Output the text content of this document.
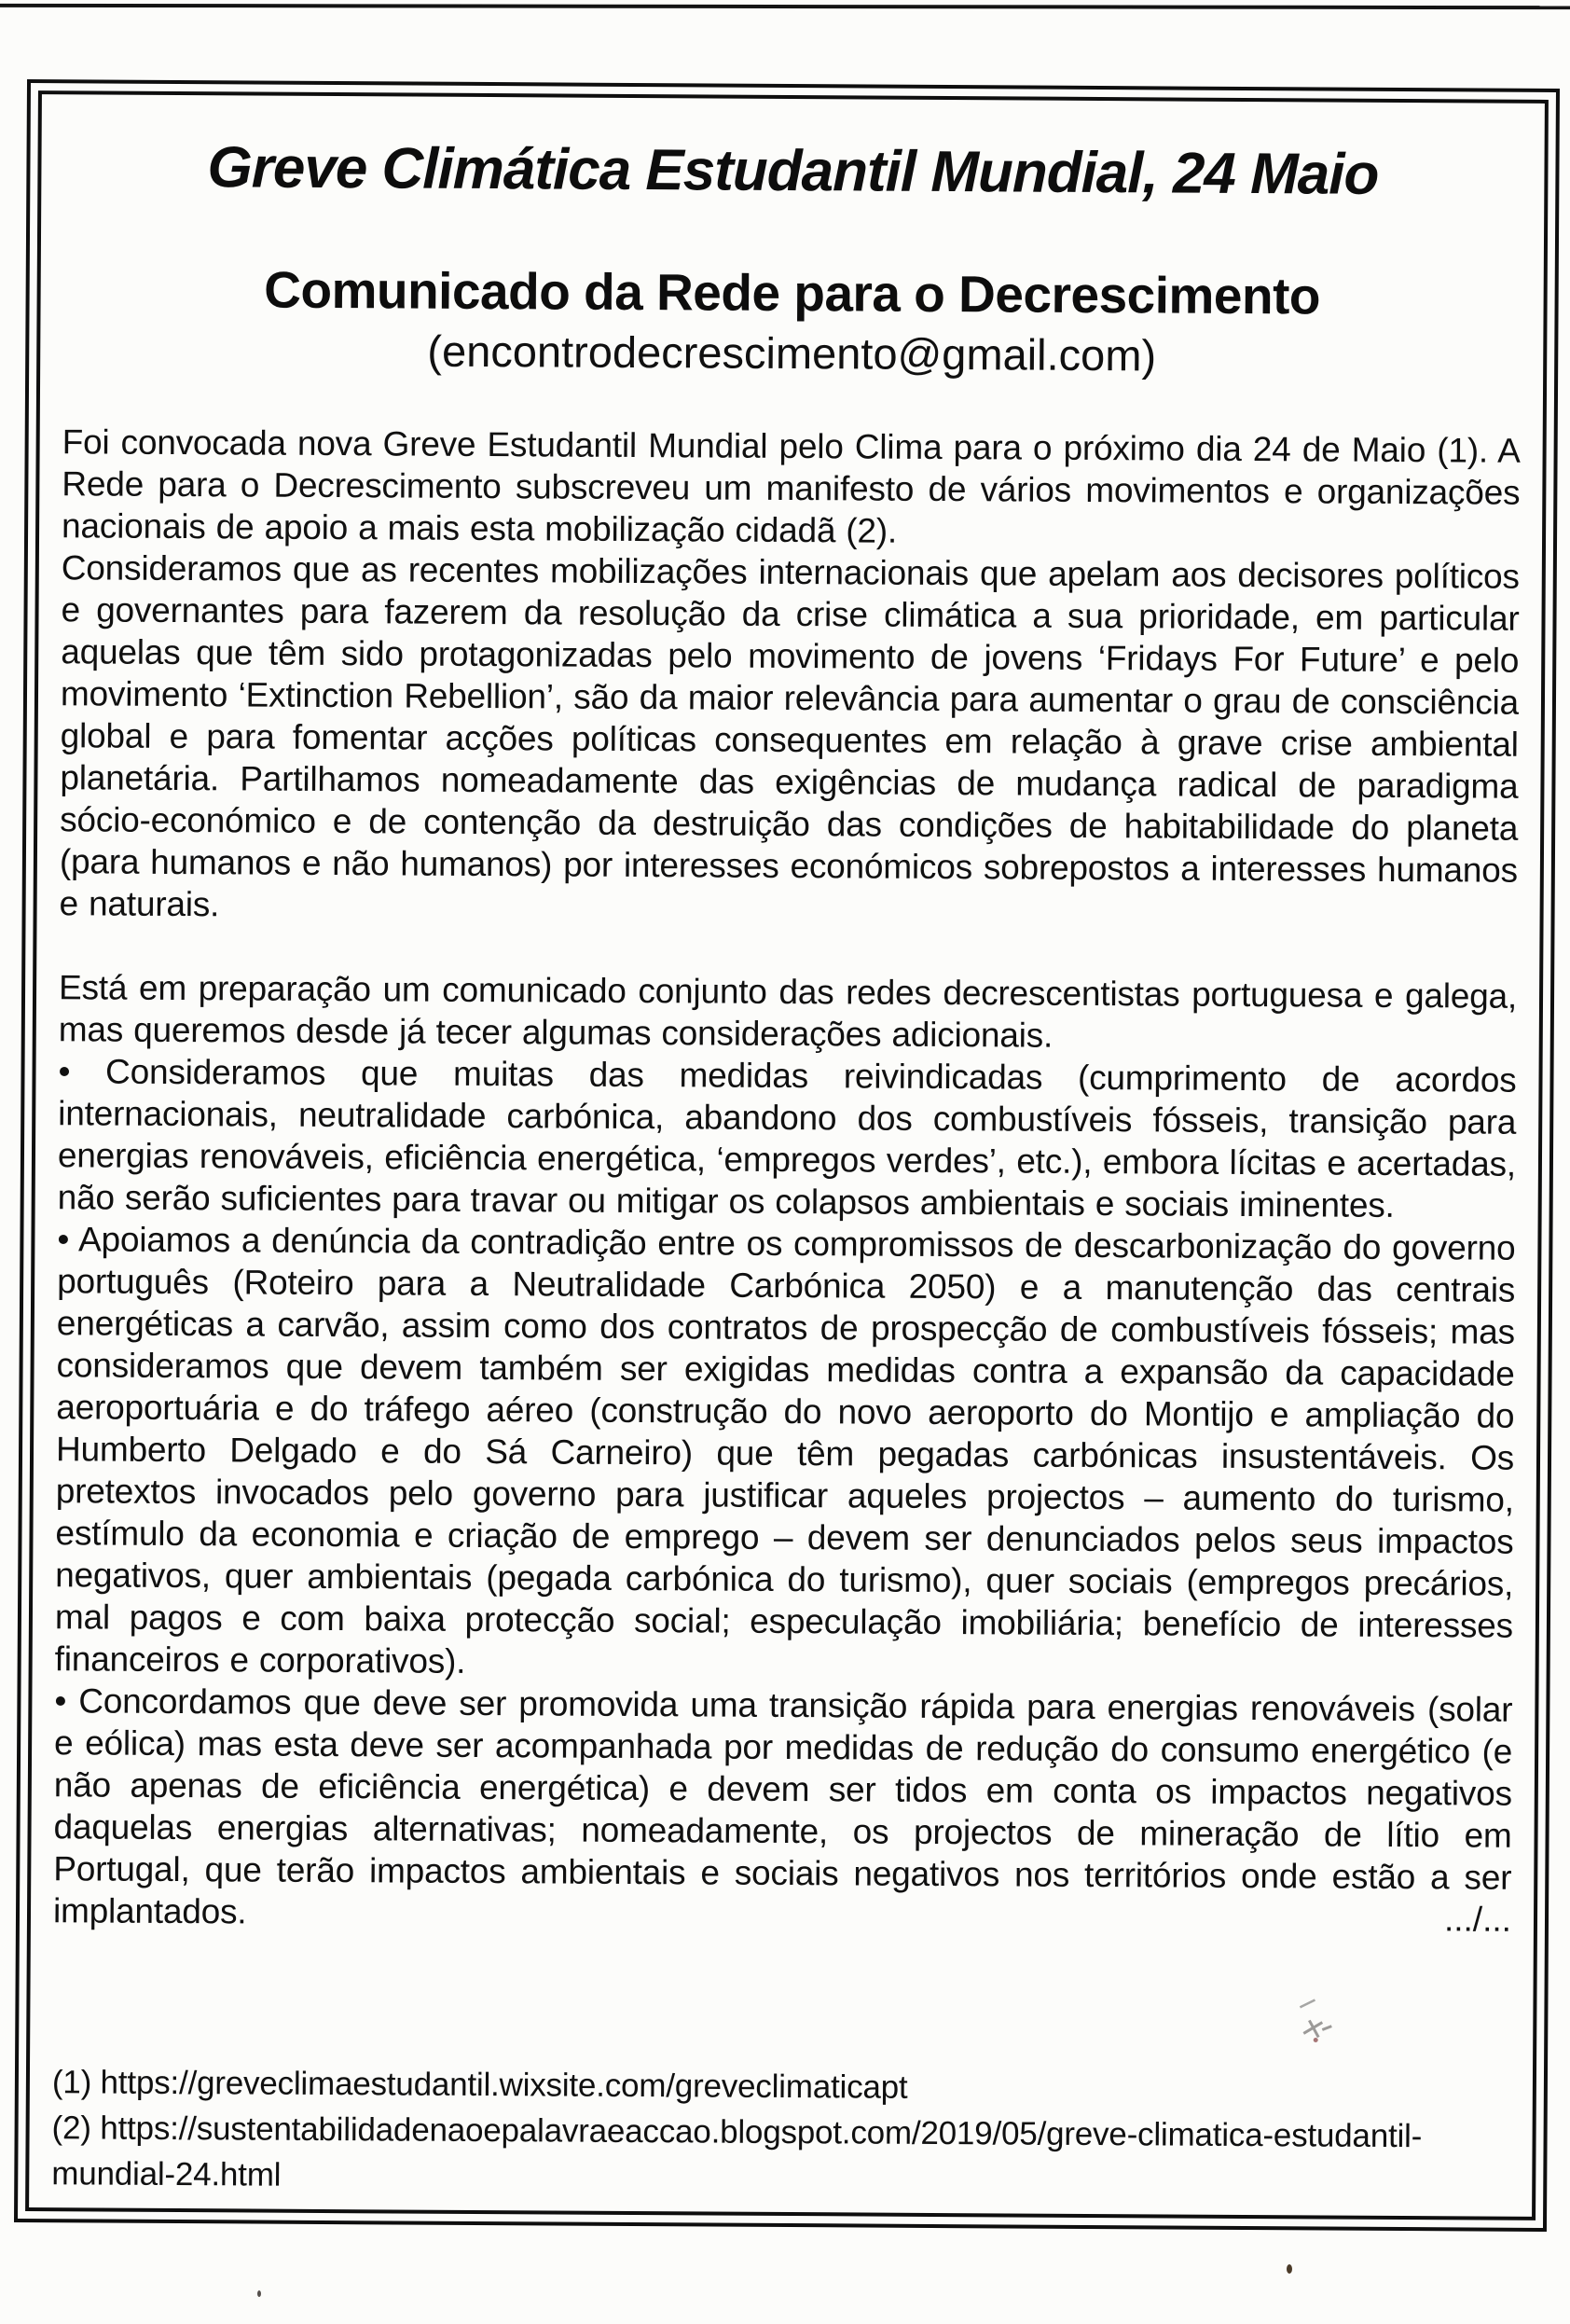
Greve Climática Estudantil Mundial, 24 Maio
Comunicado da Rede para o Decrescimento

(encontrodecrescimento@gmail.com)

Foi convocada nova Greve Estudantil Mundial pelo Clima para o próximo dia 24 de Maio (1). A Rede para o Decrescimento subscreveu um manifesto de vários movimentos e organizações nacionais de apoio a mais esta mobilização cidadã (2).

Consideramos que as recentes mobilizações internacionais que apelam aos decisores políticos e governantes para fazerem da resolução da crise climática a sua prioridade, em particular aquelas que têm sido protagonizadas pelo movimento de jovens ‘Fridays For Future’ e pelo movimento ‘Extinction Rebellion’, são da maior relevância para aumentar o grau de consciência global e para fomentar acções políticas consequentes em relação à grave crise ambiental planetária. Partilhamos nomeadamente das exigências de mudança radical de paradigma sócio-económico e de contenção da destruição das condições de habitabilidade do planeta (para humanos e não humanos) por interesses económicos sobrepostos a interesses humanos e naturais.

Está em preparação um comunicado conjunto das redes decrescentistas portuguesa e galega, mas queremos desde já tecer algumas considerações adicionais.

• Consideramos que muitas das medidas reivindicadas (cumprimento de acordos internacionais, neutralidade carbónica, abandono dos combustíveis fósseis, transição para energias renováveis, eficiência energética, ‘empregos verdes’, etc.), embora lícitas e acertadas, não serão suficientes para travar ou mitigar os colapsos ambientais e sociais iminentes.

• Apoiamos a denúncia da contradição entre os compromissos de descarbonização do governo português (Roteiro para a Neutralidade Carbónica 2050) e a manutenção das centrais energéticas a carvão, assim como dos contratos de prospecção de combustíveis fósseis; mas consideramos que devem também ser exigidas medidas contra a expansão da capacidade aeroportuária e do tráfego aéreo (construção do novo aeroporto do Montijo e ampliação do Humberto Delgado e do Sá Carneiro) que têm pegadas carbónicas insustentáveis. Os pretextos invocados pelo governo para justificar aqueles projectos – aumento do turismo, estímulo da economia e criação de emprego – devem ser denunciados pelos seus impactos negativos, quer ambientais (pegada carbónica do turismo), quer sociais (empregos precários, mal pagos e com baixa protecção social; especulação imobiliária; benefício de interesses financeiros e corporativos).

• Concordamos que deve ser promovida uma transição rápida para energias renováveis (solar e eólica) mas esta deve ser acompanhada por medidas de redução do consumo energético (e não apenas de eficiência energética) e devem ser tidos em conta os impactos negativos daquelas energias alternativas; nomeadamente, os projectos de mineração de lítio em Portugal, que terão impactos ambientais e sociais negativos nos territórios onde estão a ser implantados.	.../...

(1) https://greveclimaestudantil.wixsite.com/greveclimaticapt

(2) https://sustentabilidadenaoepalavraeaccao.blogspot.com/2019/05/greve-climatica-estudantil-mundial-24.html
